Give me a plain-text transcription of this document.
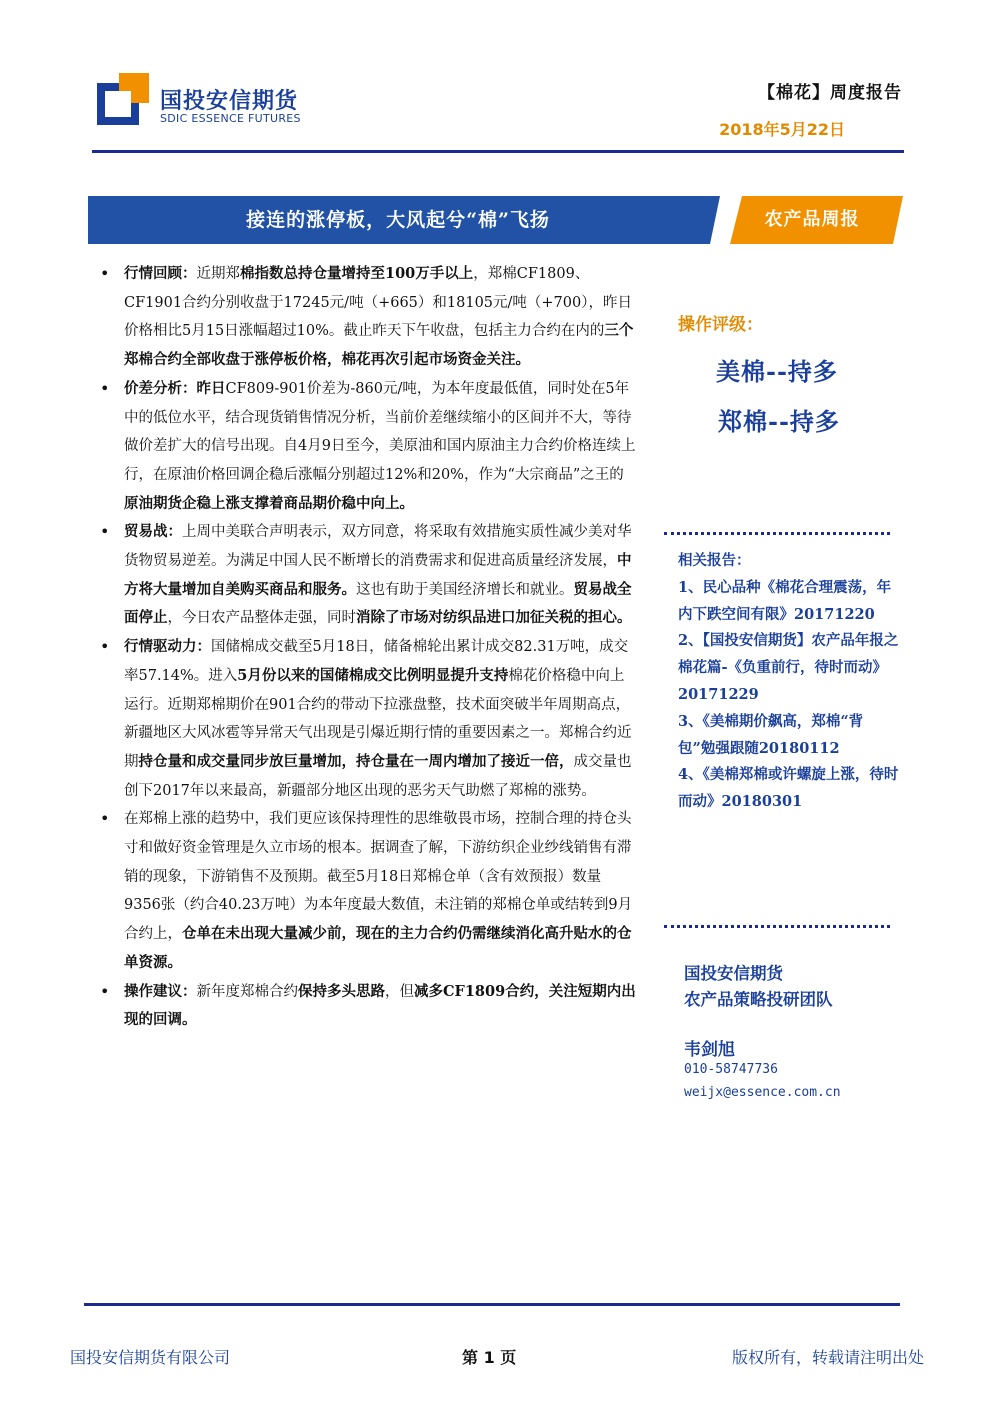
国投安信期货
SDIC ESSENCE FUTURES
【棉花】周度报告
2018年5月22日
接连的涨停板，大风起兮“棉”飞扬	农产品周报

• 行情回顾：近期郑棉指数总持仓量增持至100万手以上，郑棉CF1809、CF1901合约分别收盘于17245元/吨（+665）和18105元/吨（+700），昨日价格相比5月15日涨幅超过10%。截止昨天下午收盘，包括主力合约在内的三个郑棉合约全部收盘于涨停板价格，棉花再次引起市场资金关注。

• 价差分析：昨日CF809-901价差为-860元/吨，为本年度最低值，同时处在5年中的低位水平，结合现货销售情况分析，当前价差继续缩小的区间并不大，等待做价差扩大的信号出现。自4月9日至今，美原油和国内原油主力合约价格连续上行，在原油价格回调企稳后涨幅分别超过12%和20%，作为“大宗商品”之王的原油期货企稳上涨支撑着商品期价稳中向上。

• 贸易战：上周中美联合声明表示，双方同意，将采取有效措施实质性减少美对华货物贸易逆差。为满足中国人民不断增长的消费需求和促进高质量经济发展，中方将大量增加自美购买商品和服务。这也有助于美国经济增长和就业。贸易战全面停止，今日农产品整体走强，同时消除了市场对纺织品进口加征关税的担心。

• 行情驱动力：国储棉成交截至5月18日，储备棉轮出累计成交82.31万吨，成交率57.14%。进入5月份以来的国储棉成交比例明显提升支持棉花价格稳中向上运行。近期郑棉期价在901合约的带动下拉涨盘整，技术面突破半年周期高点，新疆地区大风冰雹等异常天气出现是引爆近期行情的重要因素之一。郑棉合约近期持仓量和成交量同步放巨量增加，持仓量在一周内增加了接近一倍，成交量也创下2017年以来最高，新疆部分地区出现的恶劣天气助燃了郑棉的涨势。

• 在郑棉上涨的趋势中，我们更应该保持理性的思维敬畏市场，控制合理的持仓头寸和做好资金管理是久立市场的根本。据调查了解，下游纺织企业纱线销售有滞销的现象，下游销售不及预期。截至5月18日郑棉仓单（含有效预报）数量9356张（约合40.23万吨）为本年度最大数值，未注销的郑棉仓单或结转到9月合约上，仓单在未出现大量减少前，现在的主力合约仍需继续消化高升贴水的仓单资源。

• 操作建议：新年度郑棉合约保持多头思路，但减多CF1809合约，关注短期内出现的回调。

操作评级：
美棉--持多
郑棉--持多

相关报告：

1、民心品种《棉花合理震荡，年内下跌空间有限》20171220

2、【国投安信期货】农产品年报之棉花篇-《负重前行，待时而动》20171229

3、《美棉期价飙高，郑棉“背包”勉强跟随20180112

4、《美棉郑棉或许螺旋上涨，待时而动》20180301

国投安信期货
农产品策略投研团队
韦剑旭
010-58747736
weijx@essence.com.cn
国投安信期货有限公司	第 1 页	版权所有，转载请注明出处
